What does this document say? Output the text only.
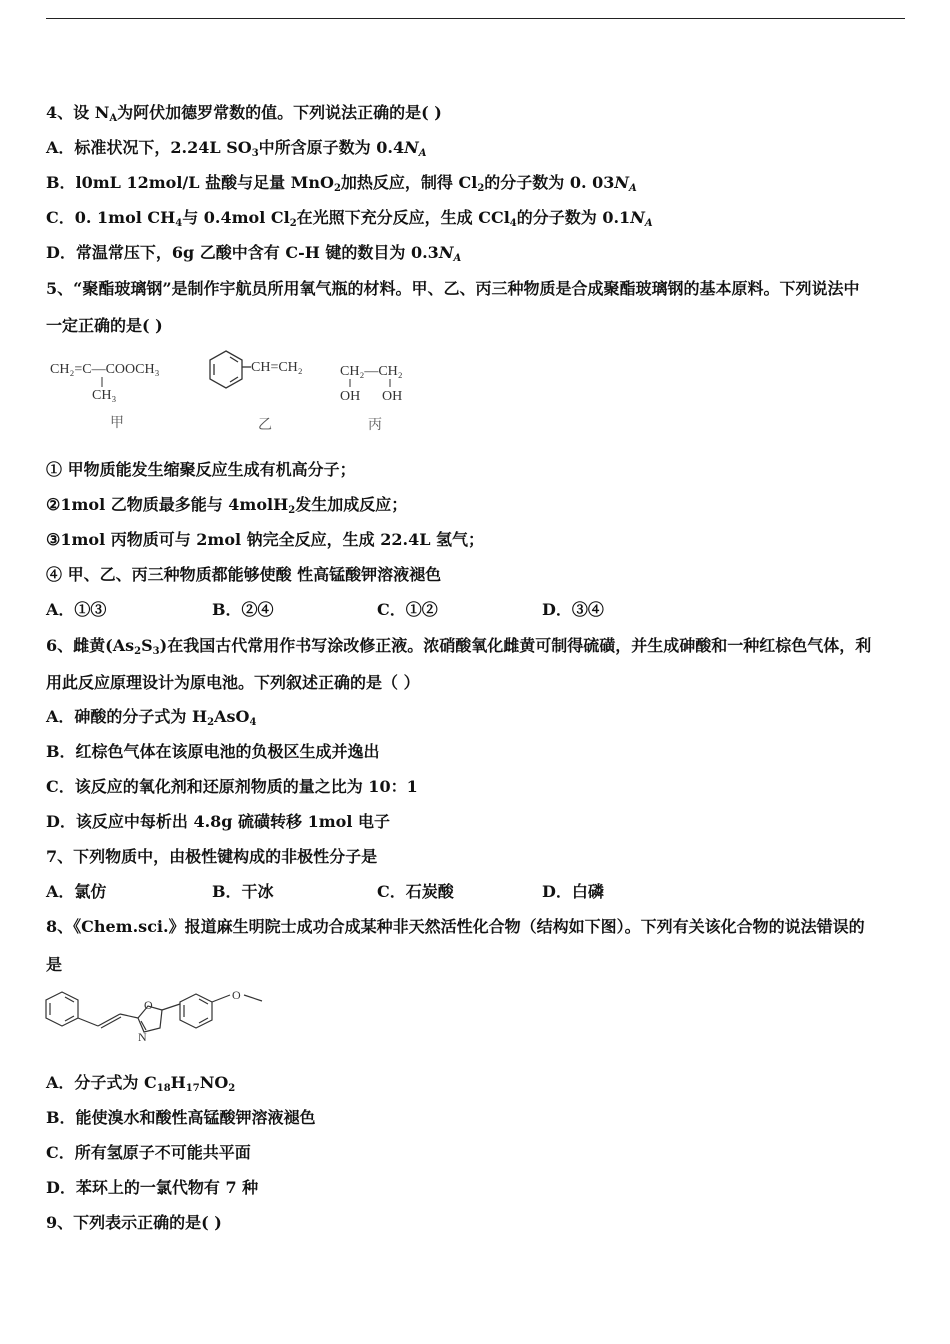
4、设 $N_A$为阿伏加德罗常数的值。下列说法正确的是( )
A．标准状况下，2.24L $SO_3$中所含原子数为 $0.4N_A$
B．l0mL 12mol/L 盐酸与足量 MnO$_2$加热反应，制得 $Cl_2$的分子数为 0. $03N_A$
C．0. 1mol $CH_4$与 0.4mol $Cl_2$在光照下充分反应，生成 CCl$_4$的分子数为 $0.1N_A$
D．常温常压下，6g 乙酸中含有 C-H 键的数目为 $0.3N_A$
5、“聚酯玻璃钢”是制作宇航员所用氧气瓶的材料。甲、乙、丙三种物质是合成聚酯玻璃钢的基本原料。下列说法中
一定正确的是( )
CH₂=C—COOCH₃
CH₃
甲
CH=CH₂
乙
CH₂—CH₂
OH OH
丙
① 甲物质能发生缩聚反应生成有机高分子；
②1mol 乙物质最多能与 4molH$_2$发生加成反应；
③1mol 丙物质可与 2mol 钠完全反应，生成 22.4L 氢气；
④ 甲、乙、丙三种物质都能够使酸 性高锰酸钾溶液褪色
A．①③	B．②④	C．①②	D．③④
6、雌黄$(As_2S_3)$在我国古代常用作书写涂改修正液。浓硝酸氧化雌黄可制得硫磺，并生成砷酸和一种红棕色气体，利
用此反应原理设计为原电池。下列叙述正确的是（ ）
A．砷酸的分子式为 $H_2AsO_4$
B．红棕色气体在该原电池的负极区生成并逸出
C．该反应的氧化剂和还原剂物质的量之比为 10：1
D．该反应中每析出 4.8g 硫磺转移 1mol 电子
7、下列物质中，由极性键构成的非极性分子是
A．氯仿	B．干冰	C．石炭酸	D．白磷
8、《Chem.sci.》报道麻生明院士成功合成某种非天然活性化合物（结构如下图）。下列有关该化合物的说法错误的
是
O
N
O
A．分子式为 $C_{18}H_{17}NO_2$
B．能使溴水和酸性高锰酸钾溶液褪色
C．所有氢原子不可能共平面
D．苯环上的一氯代物有 7 种
9、下列表示正确的是( )
